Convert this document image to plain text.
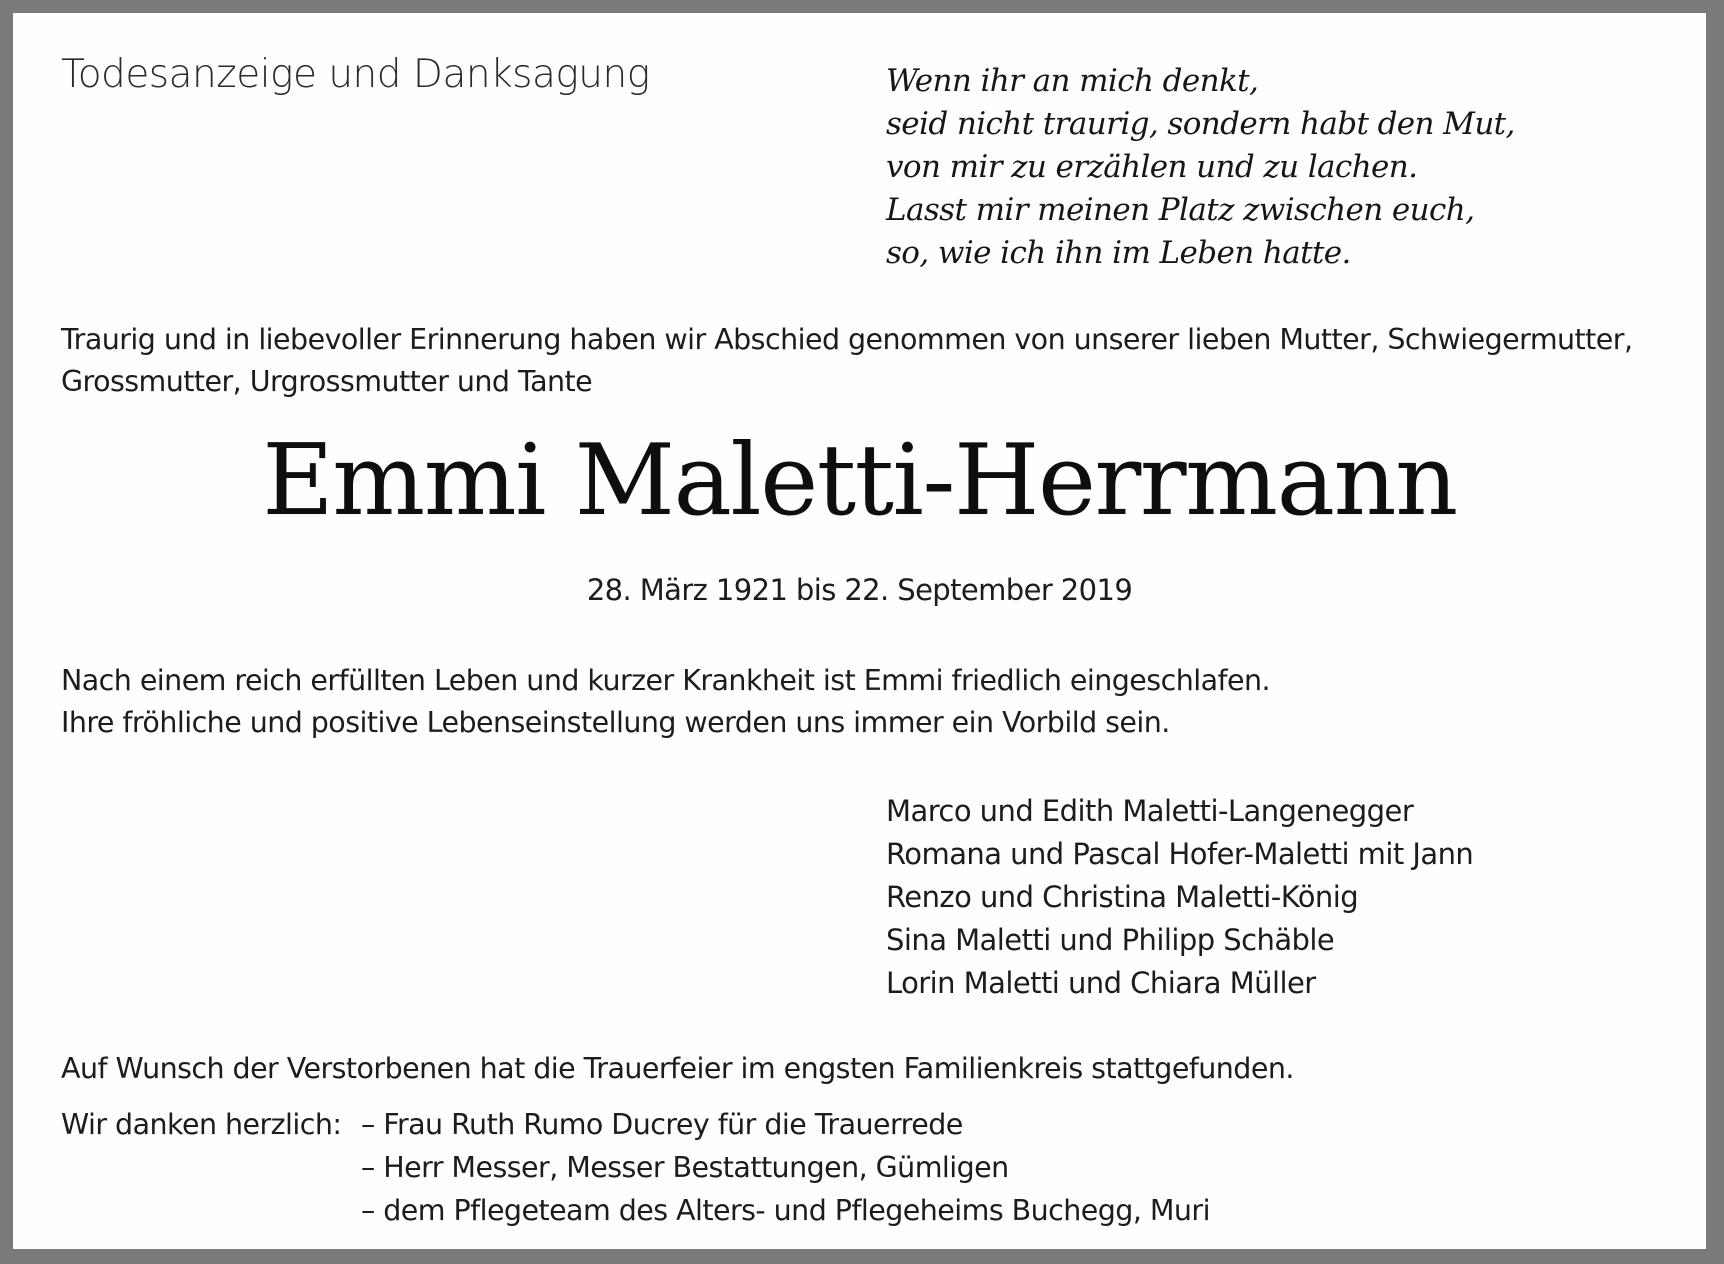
Todesanzeige und Danksagung	Wenn ihr an mich denkt,
seid nicht traurig, sondern habt den Mut,
von mir zu erzählen und zu lachen.
Lasst mir meinen Platz zwischen euch,
so, wie ich ihn im Leben hatte.
Traurig und in liebevoller Erinnerung haben wir Abschied genommen von unserer lieben Mutter, Schwiegermutter,
Grossmutter, Urgrossmutter und Tante
Emmi Maletti-Herrmann
28. März 1921 bis 22. September 2019
Nach einem reich erfüllten Leben und kurzer Krankheit ist Emmi friedlich eingeschlafen.
Ihre fröhliche und positive Lebenseinstellung werden uns immer ein Vorbild sein.
Marco und Edith Maletti-Langenegger
Romana und Pascal Hofer-Maletti mit Jann
Renzo und Christina Maletti-König
Sina Maletti und Philipp Schäble
Lorin Maletti und Chiara Müller
Auf Wunsch der Verstorbenen hat die Trauerfeier im engsten Familienkreis stattgefunden.
Wir danken herzlich: – Frau Ruth Rumo Ducrey für die Trauerrede
– Herr Messer, Messer Bestattungen, Gümligen
– dem Pflegeteam des Alters- und Pflegeheims Buchegg, Muri
